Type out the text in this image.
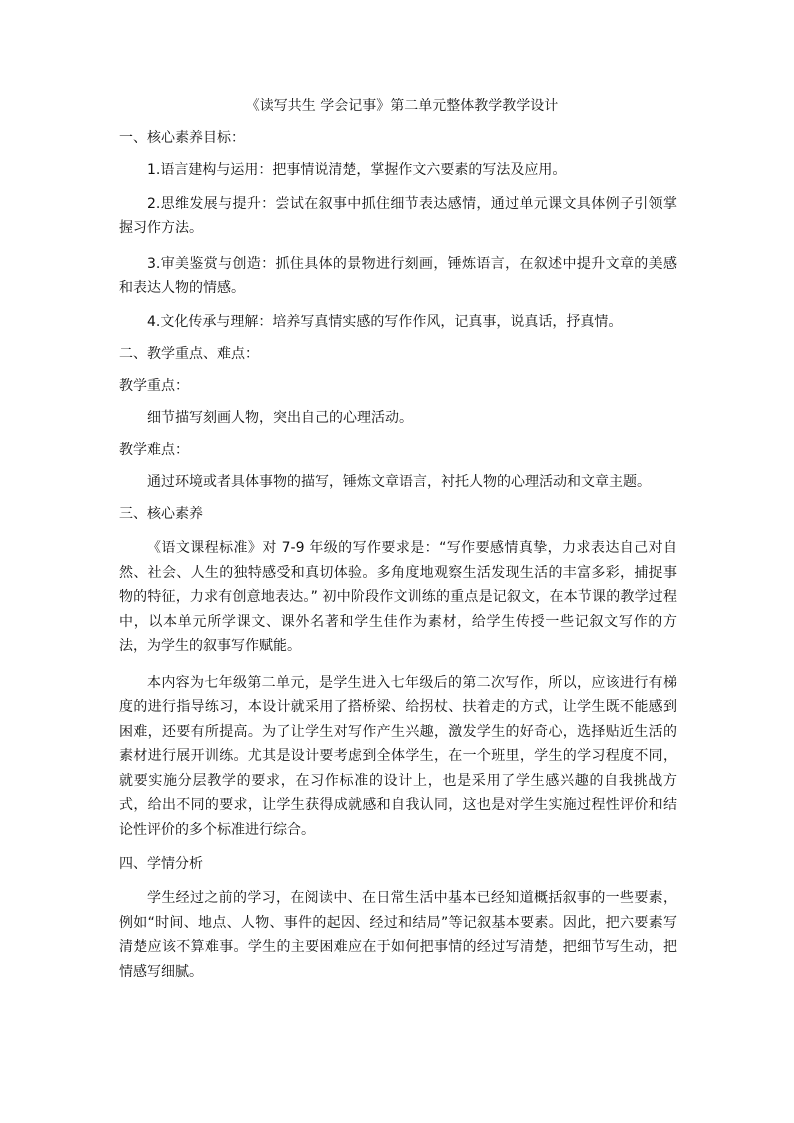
《读写共生 学会记事》第二单元整体教学教学设计
一、核心素养目标：
1.语言建构与运用：把事情说清楚，掌握作文六要素的写法及应用。
2.思维发展与提升：尝试在叙事中抓住细节表达感情，通过单元课文具体例子引领掌握习作方法。
3.审美鉴赏与创造：抓住具体的景物进行刻画，锤炼语言，在叙述中提升文章的美感和表达人物的情感。
4.文化传承与理解：培养写真情实感的写作作风，记真事，说真话，抒真情。
二、教学重点、难点：
教学重点：
细节描写刻画人物，突出自己的心理活动。
教学难点：
通过环境或者具体事物的描写，锤炼文章语言，衬托人物的心理活动和文章主题。
三、核心素养
《语文课程标准》对 7-9 年级的写作要求是：“写作要感情真挚，力求表达自己对自然、社会、人生的独特感受和真切体验。多角度地观察生活发现生活的丰富多彩，捕捉事物的特征，力求有创意地表达。” 初中阶段作文训练的重点是记叙文，在本节课的教学过程中，以本单元所学课文、课外名著和学生佳作为素材，给学生传授一些记叙文写作的方法，为学生的叙事写作赋能。
本内容为七年级第二单元，是学生进入七年级后的第二次写作，所以，应该进行有梯度的进行指导练习，本设计就采用了搭桥梁、给拐杖、扶着走的方式，让学生既不能感到困难，还要有所提高。为了让学生对写作产生兴趣，激发学生的好奇心，选择贴近生活的素材进行展开训练。尤其是设计要考虑到全体学生，在一个班里，学生的学习程度不同，就要实施分层教学的要求，在习作标准的设计上，也是采用了学生感兴趣的自我挑战方式，给出不同的要求，让学生获得成就感和自我认同，这也是对学生实施过程性评价和结论性评价的多个标准进行综合。
四、学情分析
学生经过之前的学习，在阅读中、在日常生活中基本已经知道概括叙事的一些要素，例如“时间、地点、人物、事件的起因、经过和结局”等记叙基本要素。因此，把六要素写清楚应该不算难事。学生的主要困难应在于如何把事情的经过写清楚，把细节写生动，把情感写细腻。
